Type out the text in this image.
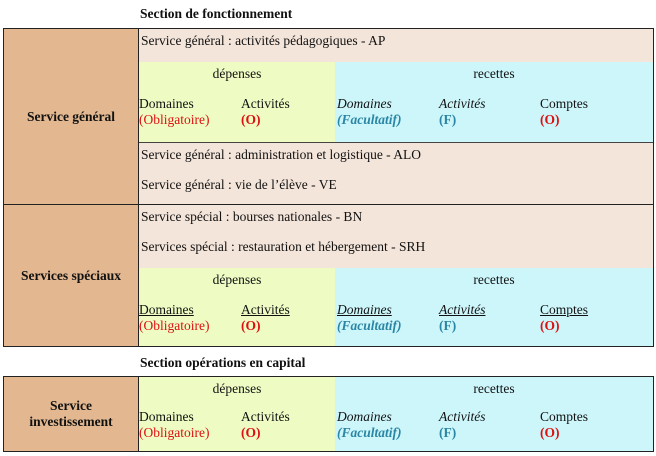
Section de fonctionnement
Section opérations en capital
Service général
Service général : activités pédagogiques - AP
dépenses
Domaines
(Obligatoire)
Activités
(O)
recettes
Domaines
(Facultatif)
Activités
(F)
Comptes
(O)
Service général : administration et logistique - ALO
Service général : vie de l’élève - VE
Services spéciaux
Service spécial : bourses nationales - BN
Services spécial : restauration et hébergement - SRH
dépenses
Domaines
(Obligatoire)
Activités
(O)
recettes
Domaines
(Facultatif)
Activités
(F)
Comptes
(O)
Service investissement
dépenses
Domaines
(Obligatoire)
Activités
(O)
recettes
Domaines
(Facultatif)
Activités
(F)
Comptes
(O)
